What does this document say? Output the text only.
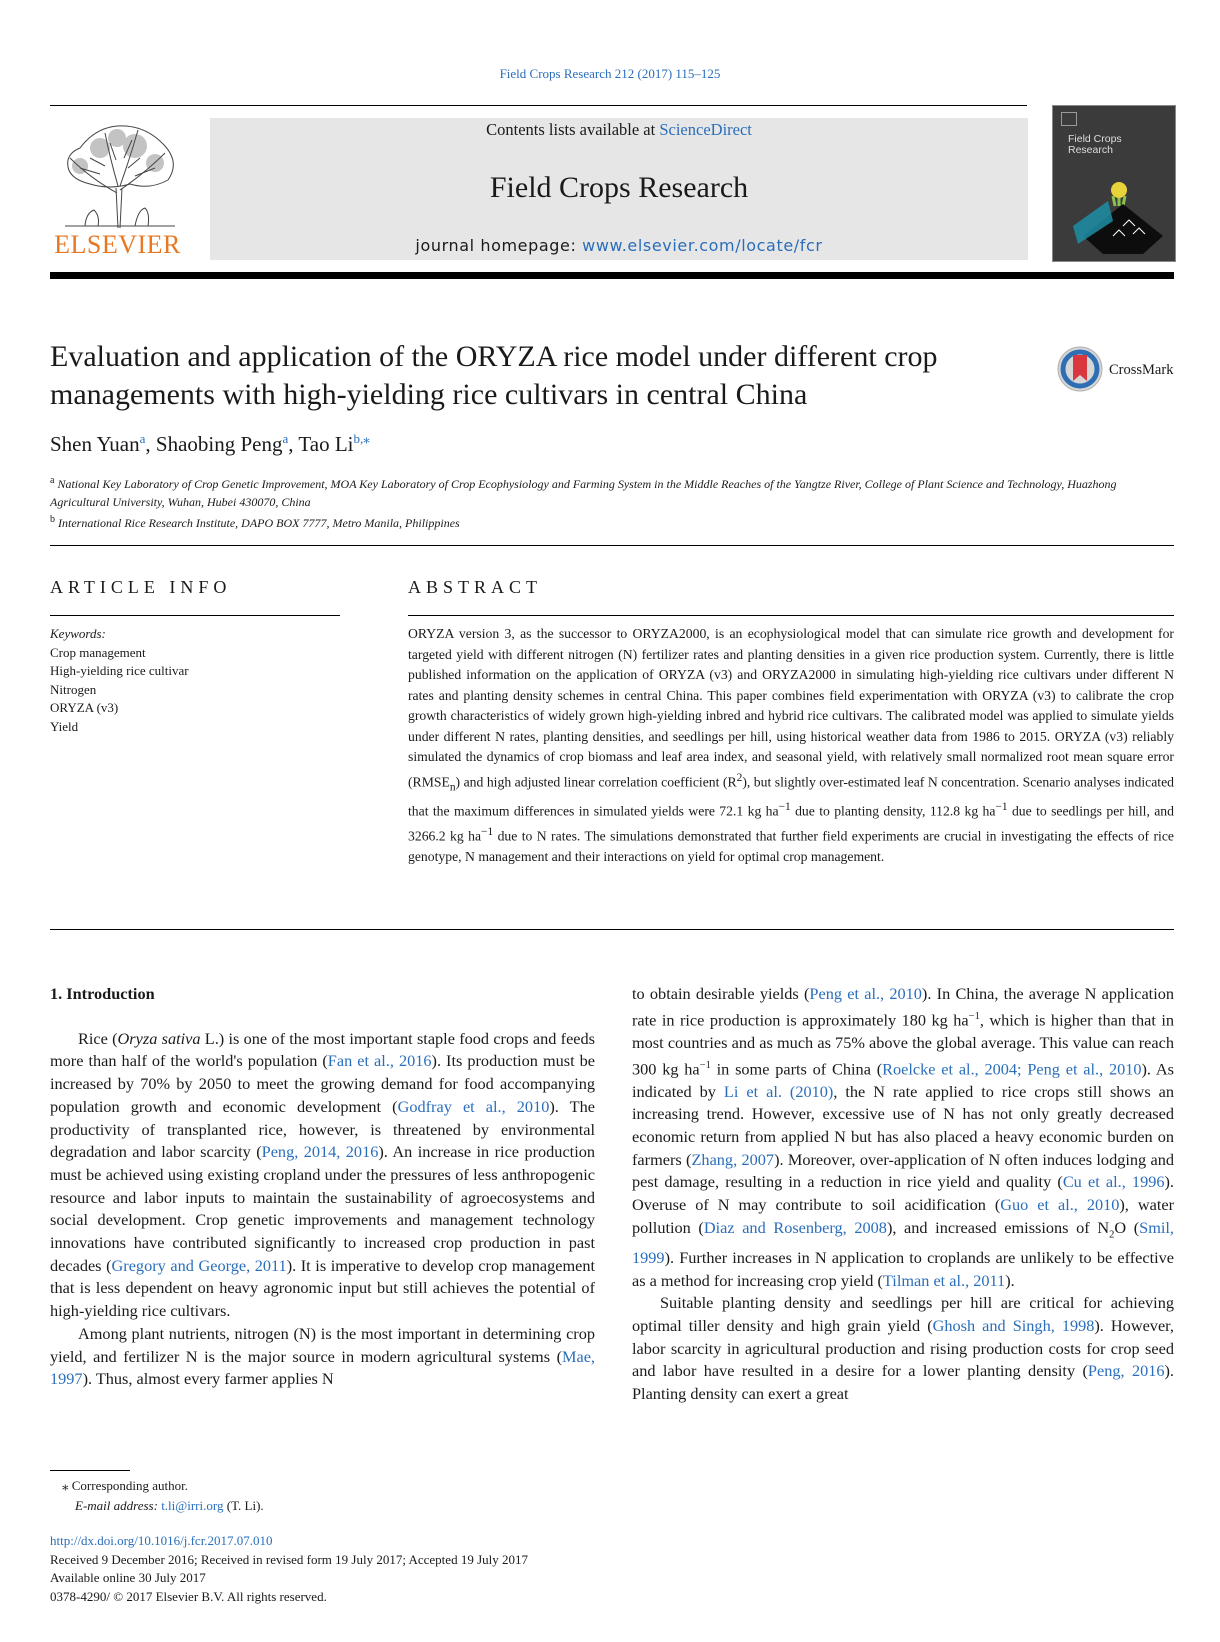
Field Crops Research 212 (2017) 115–125
ELSEVIER
Contents lists available at ScienceDirect
Field Crops Research
journal homepage: www.elsevier.com/locate/fcr
Field Crops Research
Evaluation and application of the ORYZA rice model under different crop managements with high-yielding rice cultivars in central China
CrossMark
Shen Yuan$^a$, Shaobing Peng$^a$, Tao $Li^{b,⁎}$
$^a$ National Key Laboratory of Crop Genetic Improvement, MOA Key Laboratory of Crop Ecophysiology and Farming System in the Middle Reaches of the Yangtze River, College of Plant Science and Technology, Huazhong Agricultural University, Wuhan, Hubei 430070, China
$^b$ International Rice Research Institute, DAPO BOX 7777, Metro Manila, Philippines
ARTICLE INFO
Keywords:
Crop management
High-yielding rice cultivar
Nitrogen
ORYZA (v3)
Yield
ABSTRACT
ORYZA version 3, as the successor to ORYZA2000, is an ecophysiological model that can simulate rice growth and development for targeted yield with different nitrogen (N) fertilizer rates and planting densities in a given rice production system. Currently, there is little published information on the application of ORYZA (v3) and ORYZA2000 in simulating high-yielding rice cultivars under different N rates and planting density schemes in central China. This paper combines field experimentation with ORYZA (v3) to calibrate the crop growth characteristics of widely grown high-yielding inbred and hybrid rice cultivars. The calibrated model was applied to simulate yields under different N rates, planting densities, and seedlings per hill, using historical weather data from 1986 to 2015. ORYZA (v3) reliably simulated the dynamics of crop biomass and leaf area index, and seasonal yield, with relatively small normalized root mean square error $(RMSE_n)$ and high adjusted linear correlation coefficient $(R^2)$, but slightly over-estimated leaf N concentration. Scenario analyses indicated that the maximum differences in simulated yields were 72.1 kg $ha^{-1}$ due to planting density, 112.8 kg $ha^{-1}$ due to seedlings per hill, and 3266.2 kg $ha^{-1}$ due to N rates. The simulations demonstrated that further field experiments are crucial in investigating the effects of rice genotype, N management and their interactions on yield for optimal crop management.

1. Introduction

Rice (Oryza sativa L.) is one of the most important staple food crops and feeds more than half of the world's population (Fan et al., 2016). Its production must be increased by 70% by 2050 to meet the growing demand for food accompanying population growth and economic development (Godfray et al., 2010). The productivity of transplanted rice, however, is threatened by environmental degradation and labor scarcity (Peng, 2014, 2016). An increase in rice production must be achieved using existing cropland under the pressures of less anthropogenic resource and labor inputs to maintain the sustainability of agroecosystems and social development. Crop genetic improvements and management technology innovations have contributed significantly to increased crop production in past decades (Gregory and George, 2011). It is imperative to develop crop management that is less dependent on heavy agronomic input but still achieves the potential of high-yielding rice cultivars.

Among plant nutrients, nitrogen (N) is the most important in determining crop yield, and fertilizer N is the major source in modern agricultural systems (Mae, 1997). Thus, almost every farmer applies N

to obtain desirable yields (Peng et al., 2010). In China, the average N application rate in rice production is approximately 180 kg $ha^{-1}$, which is higher than that in most countries and as much as 75% above the global average. This value can reach 300 kg $ha^{-1}$ in some parts of China (Roelcke et al., 2004; Peng et al., 2010). As indicated by Li et al. (2010), the N rate applied to rice crops still shows an increasing trend. However, excessive use of N has not only greatly decreased economic return from applied N but has also placed a heavy economic burden on farmers (Zhang, 2007). Moreover, over-application of N often induces lodging and pest damage, resulting in a reduction in rice yield and quality (Cu et al., 1996). Overuse of N may contribute to soil acidification (Guo et al., 2010), water pollution (Diaz and Rosenberg, 2008), and increased emissions of $N_2O$ (Smil, 1999). Further increases in N application to croplands are unlikely to be effective as a method for increasing crop yield (Tilman et al., 2011).

Suitable planting density and seedlings per hill are critical for achieving optimal tiller density and high grain yield (Ghosh and Singh, 1998). However, labor scarcity in agricultural production and rising production costs for crop seed and labor have resulted in a desire for a lower planting density (Peng, 2016). Planting density can exert a great

⁎ Corresponding author.
E-mail address: t.li@irri.org (T. Li).
http://dx.doi.org/10.1016/j.fcr.2017.07.010
Received 9 December 2016; Received in revised form 19 July 2017; Accepted 19 July 2017
Available online 30 July 2017
0378-4290/ © 2017 Elsevier B.V. All rights reserved.
